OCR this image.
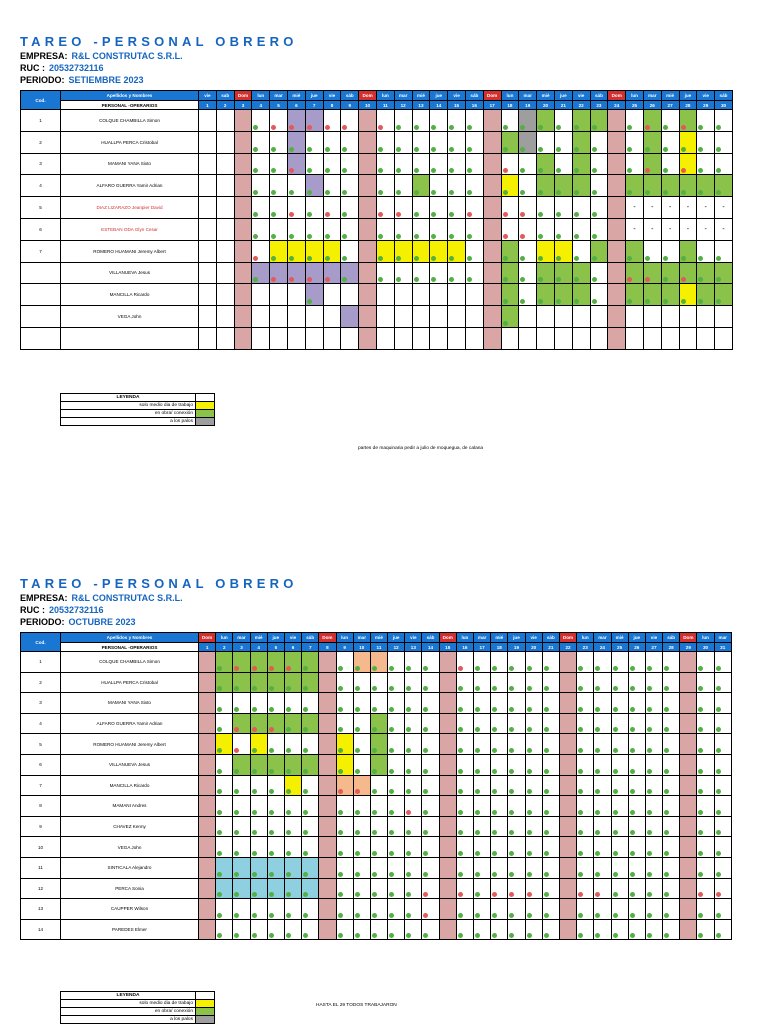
TAREO -PERSONAL OBRERO
EMPRESA: R&L CONSTRUTAC S.R.L.
RUC : 20532732116
PERIODO: SETIEMBRE 2023
Cod.	Apellidos y Nombres	vie	sab	Dom	lun	mar	mié	jue	vie	sáb	Dom	lun	mar	mié	jue	vie	sáb	Dom	lun	mar	mié	jue	vie	sáb	Dom	lun	mar	mié	jue	vie	sáb
	PERSONAL -OPERARIOS	1	2	3	4	5	6	7	8	9	10	11	12	13	14	15	16	17	18	19	20	21	22	23	24	25	26	27	28	29	30
1	COLQUE CHAMBILLA Simon				

2	HUALLPA PERCA Cristobal				

3	MAMANI YANA Sixto				

4	ALFARO GUERRA Yamir Adrian				

5	DIAZ LIZARAZO Jeanpier David																									-	-	-	-	-	-
6	ESTEBAN ODA Glyn Cesar																									-	-	-	-	-	-
7	ROMERO HUAMANI Jeremy Albert				

	VILLANUEVA Jesus				

	MANCILLA Ricardo							

	VEGA John																		

TAREO -PERSONAL OBRERO
EMPRESA: R&L CONSTRUTAC S.R.L.
RUC : 20532732116
PERIODO: OCTUBRE 2023
Cod.	Apellidos y Nombres	Dom	lun	mar	mié	jue	vie	sáb	Dom	lun	mar	mié	jue	vie	sáb	Dom	lun	mar	mié	jue	vie	sáb	Dom	lun	mar	mié	jue	vie	sáb	Dom	lun	mar
	PERSONAL -OPERARIOS	1	2	3	4	5	6	7	8	9	10	11	12	13	14	15	16	17	18	19	20	21	22	23	24	25	26	27	28	29	30	31
1	COLQUE CHAMBILLA Simon		

2	HUALLPA PERCA Cristobal		

3	MAMANI YANA Sixto		

4	ALFARO GUERRA Yamir Adrian		

5	ROMERO HUAMANI Jeremy Albert		

6	VILLANUEVA Jesus		

7	MANCILLA Ricardo		

8	MAMANI Andres		

9	CHAVEZ Kenny		

10	VEGA John		

11	SINTICALA Alejandro		

12	PERCA Sonia		

13	CAUPPER Wilson		

14	PAREDES Elmer		

LEYENDA	
solo medio dia de trabajo	
en obra/ conexión	
a los palos	
partes de maquinaria pedir a julio de moquegua, de calana
LEYENDA	
solo medio dia de trabajo	
en obra/ conexión	
a los palos	
HASTA EL 29 TODOS TRABAJARON
